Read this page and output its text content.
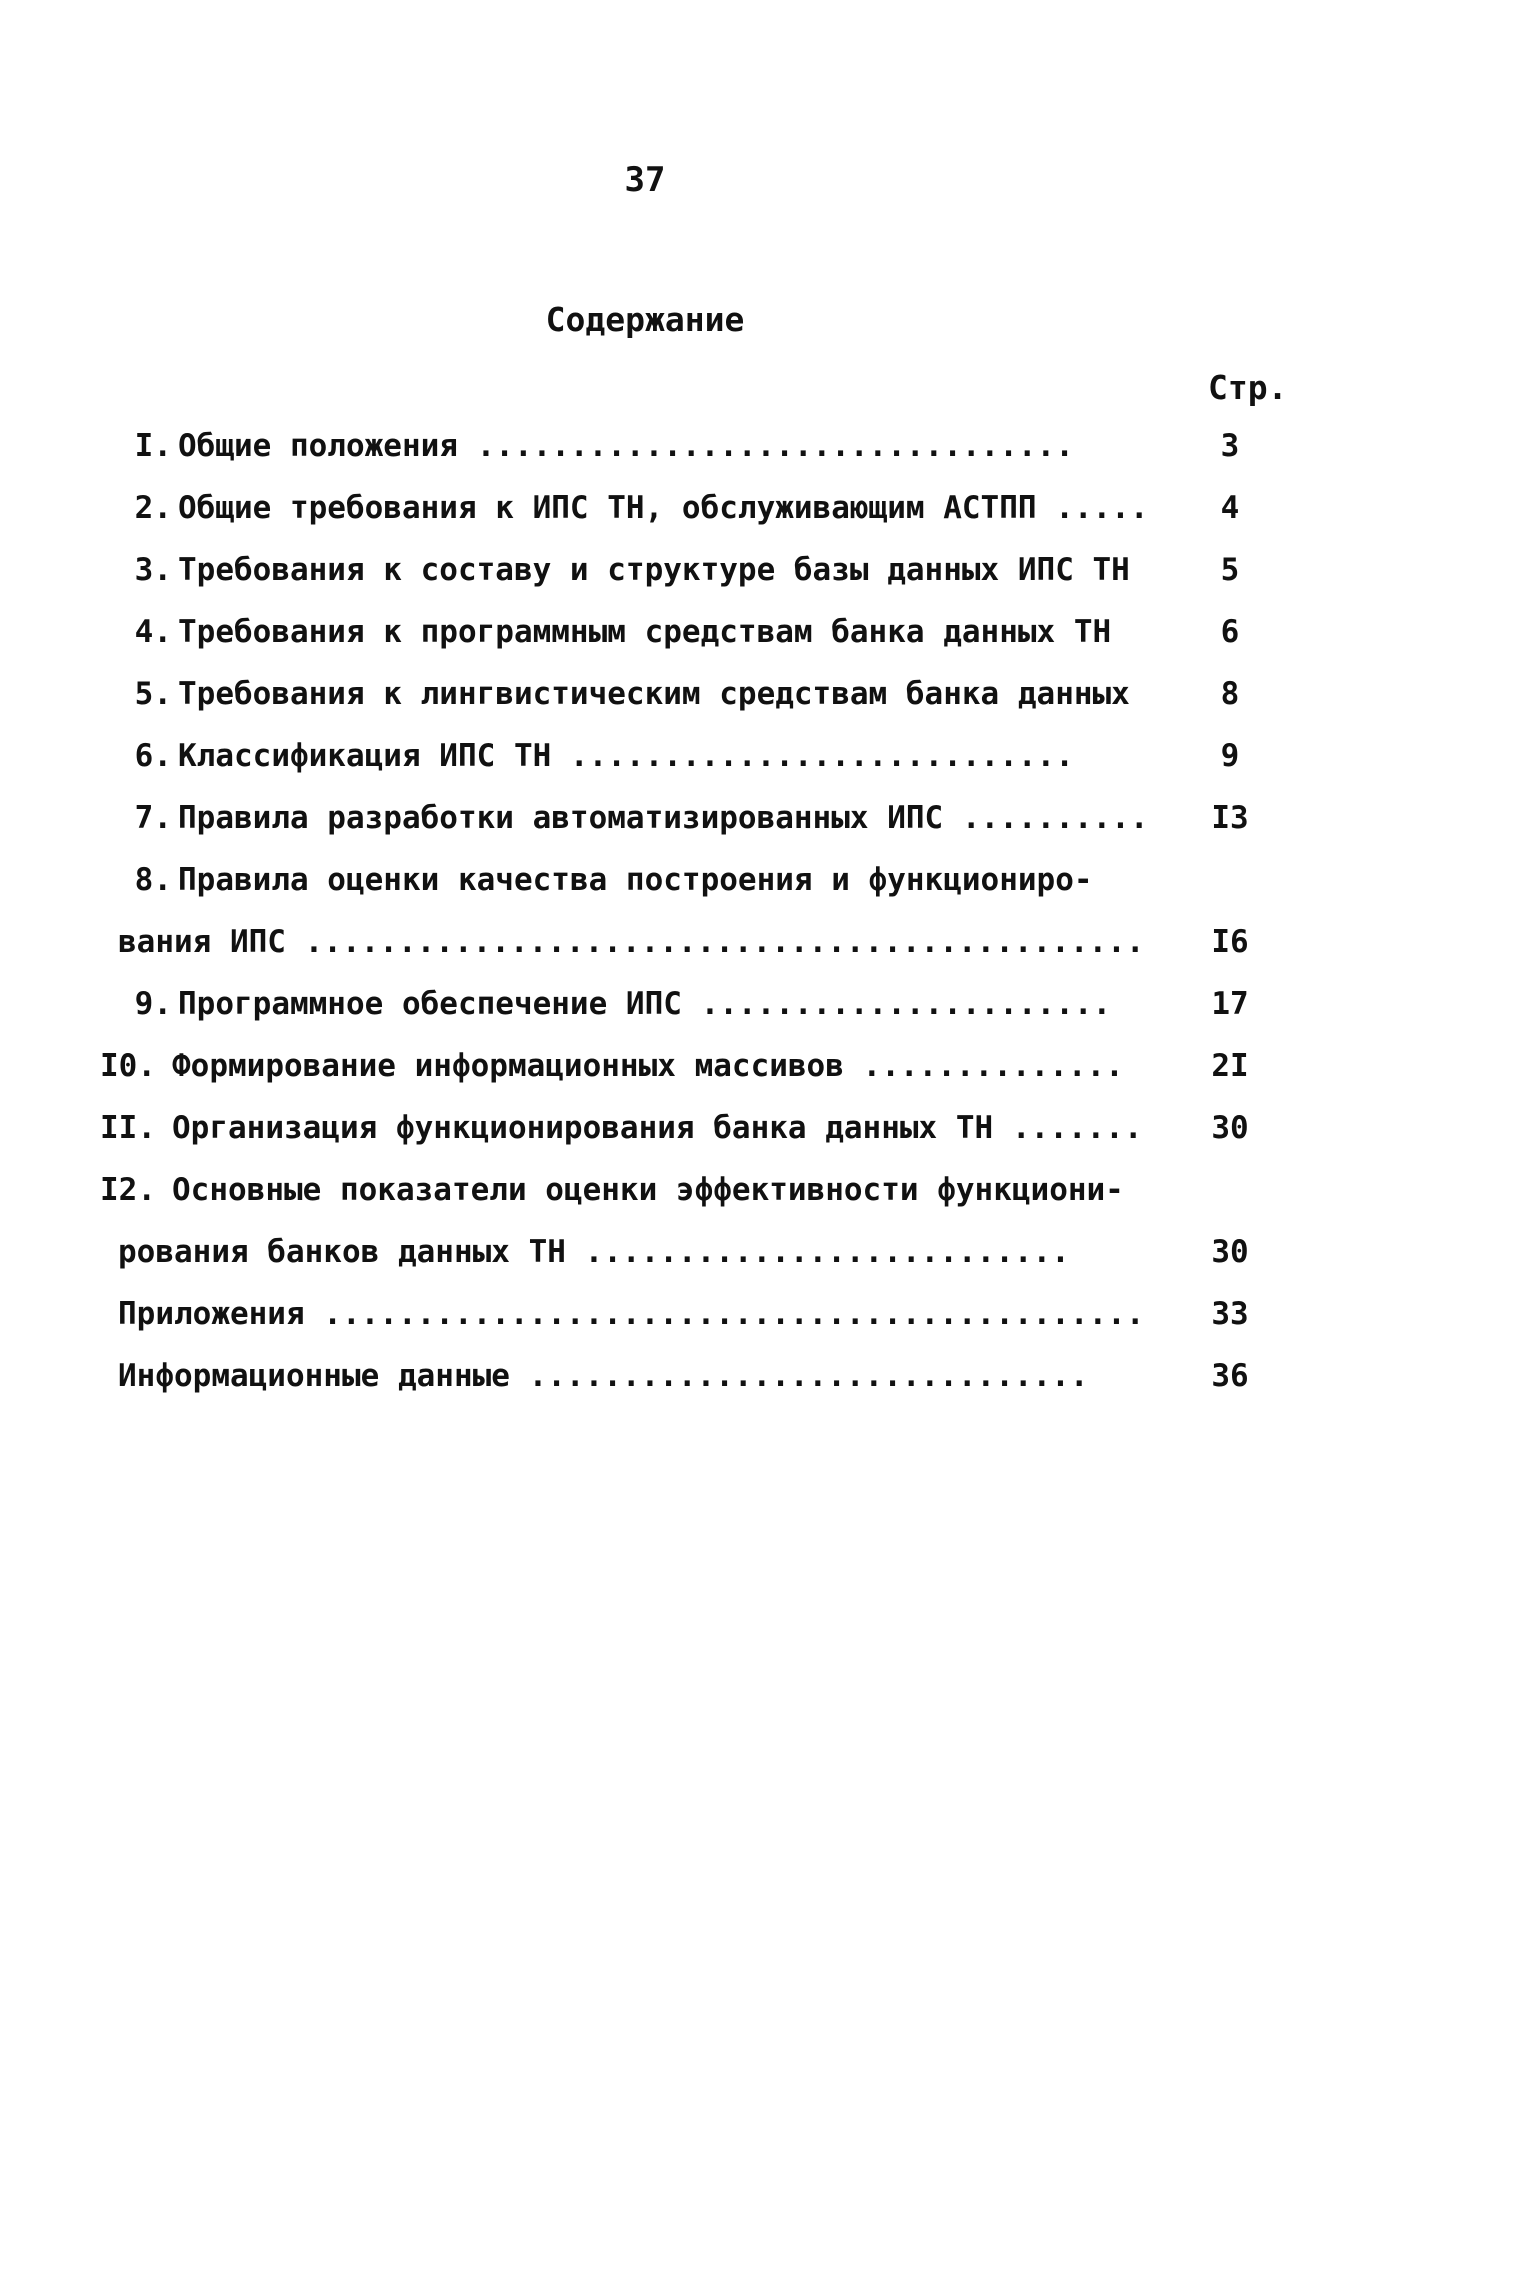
37
Содержание
Стр.
I. Общие положения ................................	3
2. Общие требования к ИПС ТН, обслуживающим АСТПП .....	4
3. Требования к составу и структуре базы данных ИПС ТН	5
4. Требования к программным средствам банка данных ТН	6
5. Требования к лингвистическим средствам банка данных	8
6. Классификация ИПС ТН ...........................	9
7. Правила разработки автоматизированных ИПС ..........	I3
8. Правила оценки качества построения и функциониро-
вания ИПС .............................................	I6
9. Программное обеспечение ИПС ......................	17
I0. Формирование информационных массивов ..............	2I
II. Организация функционирования банка данных ТН .......	30
I2. Основные показатели оценки эффективности функциони-
рования банков данных ТН ..........................	30
Приложения ............................................	33
Информационные данные ..............................	36
